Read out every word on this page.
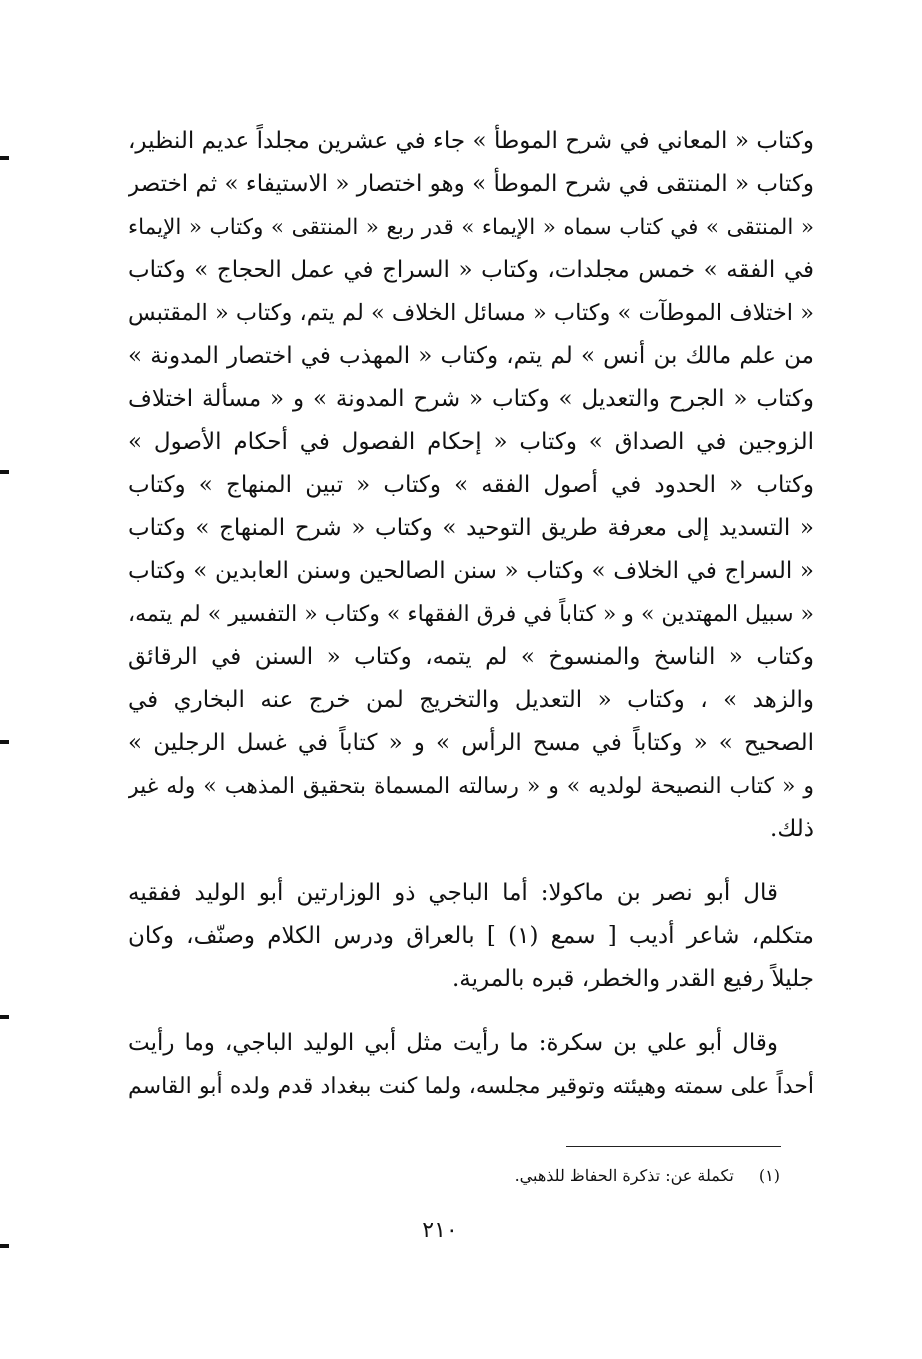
وكتاب « المعاني في شرح الموطأ » جاء في عشرين مجلداً عديم النظير،
وكتاب « المنتقى في شرح الموطأ » وهو اختصار « الاستيفاء » ثم اختصر
« المنتقى » في كتاب سماه « الإيماء » قدر ربع « المنتقى » وكتاب « الإيماء
في الفقه » خمس مجلدات، وكتاب « السراج في عمل الحجاج » وكتاب
« اختلاف الموطآت » وكتاب « مسائل الخلاف » لم يتم، وكتاب « المقتبس
من علم مالك بن أنس » لم يتم، وكتاب « المهذب في اختصار المدونة »
وكتاب « الجرح والتعديل » وكتاب « شرح المدونة » و « مسألة اختلاف
الزوجين في الصداق » وكتاب « إحكام الفصول في أحكام الأصول »
وكتاب « الحدود في أصول الفقه » وكتاب « تبين المنهاج » وكتاب
« التسديد إلى معرفة طريق التوحيد » وكتاب « شرح المنهاج » وكتاب
« السراج في الخلاف » وكتاب « سنن الصالحين وسنن العابدين » وكتاب
« سبيل المهتدين » و « كتاباً في فرق الفقهاء » وكتاب « التفسير » لم يتمه،
وكتاب « الناسخ والمنسوخ » لم يتمه، وكتاب « السنن في الرقائق
والزهد » ، وكتاب « التعديل والتخريج لمن خرج عنه البخاري في
الصحيح » « وكتاباً في مسح الرأس » و « كتاباً في غسل الرجلين »
و « كتاب النصيحة لولديه » و « رسالته المسماة بتحقيق المذهب » وله غير
ذلك.
قال أبو نصر بن ماكولا: أما الباجي ذو الوزارتين أبو الوليد ففقيه
متكلم، شاعر أديب [ سمع (١) ] بالعراق ودرس الكلام وصنّف، وكان
جليلاً رفيع القدر والخطر، قبره بالمرية.
وقال أبو علي بن سكرة: ما رأيت مثل أبي الوليد الباجي، وما رأيت
أحداً على سمته وهيئته وتوقير مجلسه، ولما كنت ببغداد قدم ولده أبو القاسم
(١) تكملة عن: تذكرة الحفاظ للذهبي.
٢١٠
